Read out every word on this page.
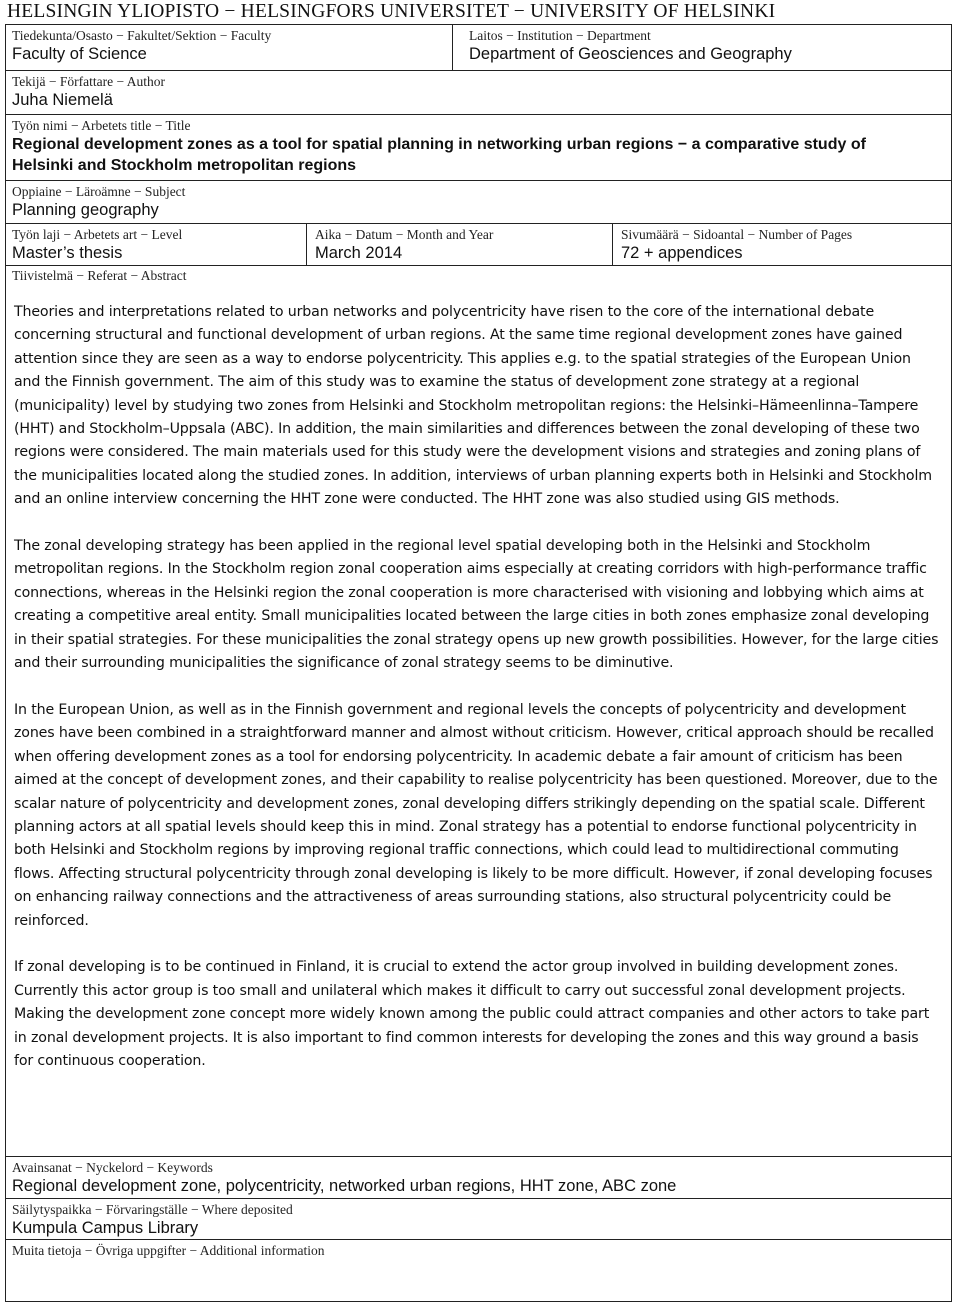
HELSINGIN YLIOPISTO − HELSINGFORS UNIVERSITET − UNIVERSITY OF HELSINKI
Tiedekunta/Osasto − Fakultet/Sektion − Faculty
Faculty of Science
Laitos − Institution − Department
Department of Geosciences and Geography
Tekijä − Författare − Author
Juha Niemelä
Työn nimi − Arbetets title − Title
Regional development zones as a tool for spatial planning in networking urban regions − a comparative study of Helsinki and Stockholm metropolitan regions
Oppiaine − Läroämne − Subject
Planning geography
Työn laji − Arbetets art − Level
Master’s thesis
Aika − Datum − Month and Year
March 2014
Sivumäärä − Sidoantal − Number of Pages
72 + appendices
Tiivistelmä − Referat − Abstract

Theories and interpretations related to urban networks and polycentricity have risen to the core of the international debate concerning structural and functional development of urban regions. At the same time regional development zones have gained attention since they are seen as a way to endorse polycentricity. This applies e.g. to the spatial strategies of the European Union and the Finnish government. The aim of this study was to examine the status of development zone strategy at a regional (municipality) level by studying two zones from Helsinki and Stockholm metropolitan regions: the Helsinki–Hämeenlinna–Tampere (HHT) and Stockholm–Uppsala (ABC). In addition, the main similarities and differences between the zonal developing of these two regions were considered. The main materials used for this study were the development visions and strategies and zoning plans of the municipalities located along the studied zones. In addition, interviews of urban planning experts both in Helsinki and Stockholm and an online interview concerning the HHT zone were conducted. The HHT zone was also studied using GIS methods.

The zonal developing strategy has been applied in the regional level spatial developing both in the Helsinki and Stockholm metropolitan regions. In the Stockholm region zonal cooperation aims especially at creating corridors with high-performance traffic connections, whereas in the Helsinki region the zonal cooperation is more characterised with visioning and lobbying which aims at creating a competitive areal entity. Small municipalities located between the large cities in both zones emphasize zonal developing in their spatial strategies. For these municipalities the zonal strategy opens up new growth possibilities. However, for the large cities and their surrounding municipalities the significance of zonal strategy seems to be diminutive.

In the European Union, as well as in the Finnish government and regional levels the concepts of polycentricity and development zones have been combined in a straightforward manner and almost without criticism. However, critical approach should be recalled when offering development zones as a tool for endorsing polycentricity. In academic debate a fair amount of criticism has been aimed at the concept of development zones, and their capability to realise polycentricity has been questioned. Moreover, due to the scalar nature of polycentricity and development zones, zonal developing differs strikingly depending on the spatial scale. Different planning actors at all spatial levels should keep this in mind. Zonal strategy has a potential to endorse functional polycentricity in both Helsinki and Stockholm regions by improving regional traffic connections, which could lead to multidirectional commuting flows. Affecting structural polycentricity through zonal developing is likely to be more difficult. However, if zonal developing focuses on enhancing railway connections and the attractiveness of areas surrounding stations, also structural polycentricity could be reinforced.

If zonal developing is to be continued in Finland, it is crucial to extend the actor group involved in building development zones. Currently this actor group is too small and unilateral which makes it difficult to carry out successful zonal development projects. Making the development zone concept more widely known among the public could attract companies and other actors to take part in zonal development projects. It is also important to find common interests for developing the zones and this way ground a basis for continuous cooperation.

Avainsanat − Nyckelord − Keywords
Regional development zone, polycentricity, networked urban regions, HHT zone, ABC zone
Säilytyspaikka − Förvaringställe − Where deposited
Kumpula Campus Library
Muita tietoja − Övriga uppgifter − Additional information
